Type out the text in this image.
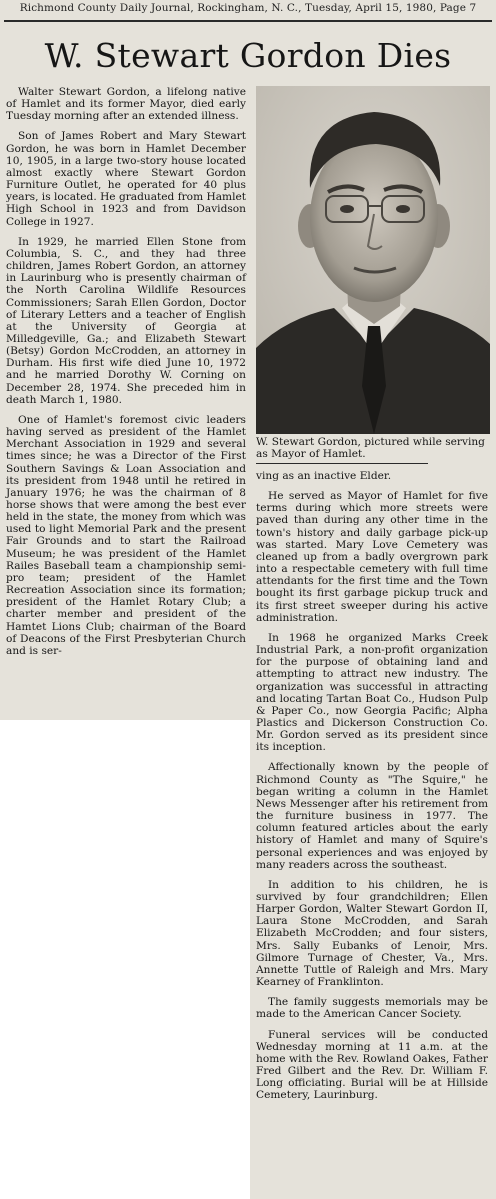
Richmond County Daily Journal, Rockingham, N. C., Tuesday, April 15, 1980, Page 7
W. Stewart Gordon Dies

Walter Stewart Gordon, a lifelong native of Hamlet and its former Mayor, died early Tuesday morning after an extended illness.

Son of James Robert and Mary Stewart Gordon, he was born in Hamlet December 10, 1905, in a large two-story house located almost exactly where Stewart Gordon Furniture Outlet, he operated for 40 plus years, is located. He graduated from Hamlet High School in 1923 and from Davidson College in 1927.

In 1929, he married Ellen Stone from Columbia, S. C., and they had three children, James Robert Gordon, an attorney in Laurinburg who is presently chairman of the North Carolina Wildlife Resources Commissioners; Sarah Ellen Gordon, Doctor of Literary Letters and a teacher of English at the University of Georgia at Milledgeville, Ga.; and Elizabeth Stewart (Betsy) Gordon McCrodden, an attorney in Durham. His first wife died June 10, 1972 and he married Dorothy W. Corning on December 28, 1974. She preceded him in death March 1, 1980.

One of Hamlet's foremost civic leaders having served as president of the Hamlet Merchant Association in 1929 and several times since; he was a Director of the First Southern Savings & Loan Association and its president from 1948 until he retired in January 1976; he was the chairman of 8 horse shows that were among the best ever held in the state, the money from which was used to light Memorial Park and the present Fair Grounds and to start the Railroad Museum; he was president of the Hamlet Railes Baseball team a championship semi-pro team; president of the Hamlet Recreation Association since its formation; president of the Hamlet Rotary Club; a charter member and president of the Hamtet Lions Club; chairman of the Board of Deacons of the First Presbyterian Church and is ser-

W. Stewart Gordon, pictured while serving as Mayor of Hamlet.

ving as an inactive Elder.

He served as Mayor of Hamlet for five terms during which more streets were paved than during any other time in the town's history and daily garbage pick-up was started. Mary Love Cemetery was cleaned up from a badly overgrown park into a respectable cemetery with full time attendants for the first time and the Town bought its first garbage pickup truck and its first street sweeper during his active administration.

In 1968 he organized Marks Creek Industrial Park, a non-profit organization for the purpose of obtaining land and attempting to attract new industry. The organization was successful in attracting and locating Tartan Boat Co., Hudson Pulp & Paper Co., now Georgia Pacific; Alpha Plastics and Dickerson Construction Co. Mr. Gordon served as its president since its inception.

Affectionally known by the people of Richmond County as "The Squire," he began writing a column in the Hamlet News Messenger after his retirement from the furniture business in 1977. The column featured articles about the early history of Hamlet and many of Squire's personal experiences and was enjoyed by many readers across the southeast.

In addition to his children, he is survived by four grandchildren; Ellen Harper Gordon, Walter Stewart Gordon II, Laura Stone McCrodden, and Sarah Elizabeth McCrodden; and four sisters, Mrs. Sally Eubanks of Lenoir, Mrs. Gilmore Turnage of Chester, Va., Mrs. Annette Tuttle of Raleigh and Mrs. Mary Kearney of Franklinton.

The family suggests memorials may be made to the American Cancer Society.

Funeral services will be conducted Wednesday morning at 11 a.m. at the home with the Rev. Rowland Oakes, Father Fred Gilbert and the Rev. Dr. William F. Long officiating. Burial will be at Hillside Cemetery, Laurinburg.
